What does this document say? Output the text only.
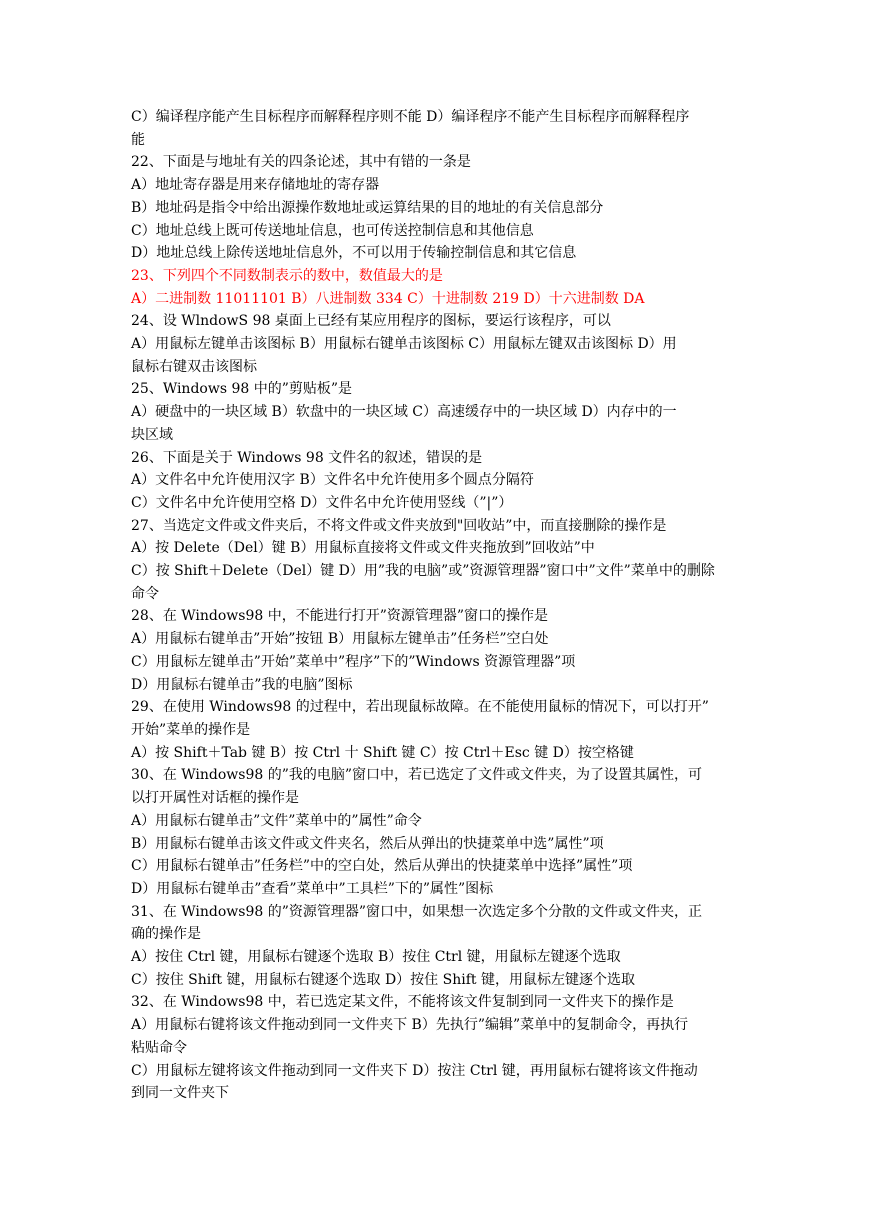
C）编译程序能产生目标程序而解释程序则不能 D）编译程序不能产生目标程序而解释程序
能
22、下面是与地址有关的四条论述，其中有错的一条是
A）地址寄存器是用来存储地址的寄存器
B）地址码是指令中给出源操作数地址或运算结果的目的地址的有关信息部分
C）地址总线上既可传送地址信息，也可传送控制信息和其他信息
D）地址总线上除传送地址信息外，不可以用于传输控制信息和其它信息
23、下列四个不同数制表示的数中，数值最大的是
A）二进制数 11011101 B）八进制数 334 C）十进制数 219 D）十六进制数 DA
24、设 WlndowS 98 桌面上已经有某应用程序的图标，要运行该程序，可以
A）用鼠标左键单击该图标 B）用鼠标右键单击该图标 C）用鼠标左键双击该图标 D）用
鼠标右键双击该图标
25、Windows 98 中的”剪贴板”是
A）硬盘中的一块区域 B）软盘中的一块区域 C）高速缓存中的一块区域 D）内存中的一
块区域
26、下面是关于 Windows 98 文件名的叙述，错误的是
A）文件名中允许使用汉字 B）文件名中允许使用多个圆点分隔符
C）文件名中允许使用空格 D）文件名中允许使用竖线（”|”）
27、当选定文件或文件夹后，不将文件或文件夹放到"回收站”中，而直接删除的操作是
A）按 Delete（Del）键 B）用鼠标直接将文件或文件夹拖放到”回收站”中
C）按 Shift＋Delete（Del）键 D）用”我的电脑”或”资源管理器”窗口中”文件”菜单中的删除
命令
28、在 Windows98 中，不能进行打开”资源管理器”窗口的操作是
A）用鼠标右键单击”开始”按钮 B）用鼠标左键单击”任务栏”空白处
C）用鼠标左键单击”开始”菜单中”程序”下的”Windows 资源管理器”项
D）用鼠标右键单击”我的电脑”图标
29、在使用 Windows98 的过程中，若出现鼠标故障。在不能使用鼠标的情况下，可以打开”
开始”菜单的操作是
A）按 Shift＋Tab 键 B）按 Ctrl 十 Shift 键 C）按 Ctrl＋Esc 键 D）按空格键
30、在 Windows98 的”我的电脑”窗口中，若已选定了文件或文件夹，为了设置其属性，可
以打开属性对话框的操作是
A）用鼠标右键单击”文件”菜单中的”属性”命令
B）用鼠标右键单击该文件或文件夹名，然后从弹出的快捷菜单中选”属性”项
C）用鼠标右键单击”任务栏”中的空白处，然后从弹出的快捷菜单中选择”属性”项
D）用鼠标右键单击”查看”菜单中”工具栏”下的”属性”图标
31、在 Windows98 的”资源管理器”窗口中，如果想一次选定多个分散的文件或文件夹，正
确的操作是
A）按住 Ctrl 键，用鼠标右键逐个选取 B）按住 Ctrl 键，用鼠标左键逐个选取
C）按住 Shift 键，用鼠标右键逐个选取 D）按住 Shift 键，用鼠标左键逐个选取
32、在 Windows98 中，若已选定某文件，不能将该文件复制到同一文件夹下的操作是
A）用鼠标右键将该文件拖动到同一文件夹下 B）先执行”编辑”菜单中的复制命令，再执行
粘贴命令
C）用鼠标左键将该文件拖动到同一文件夹下 D）按注 Ctrl 键，再用鼠标右键将该文件拖动
到同一文件夹下
